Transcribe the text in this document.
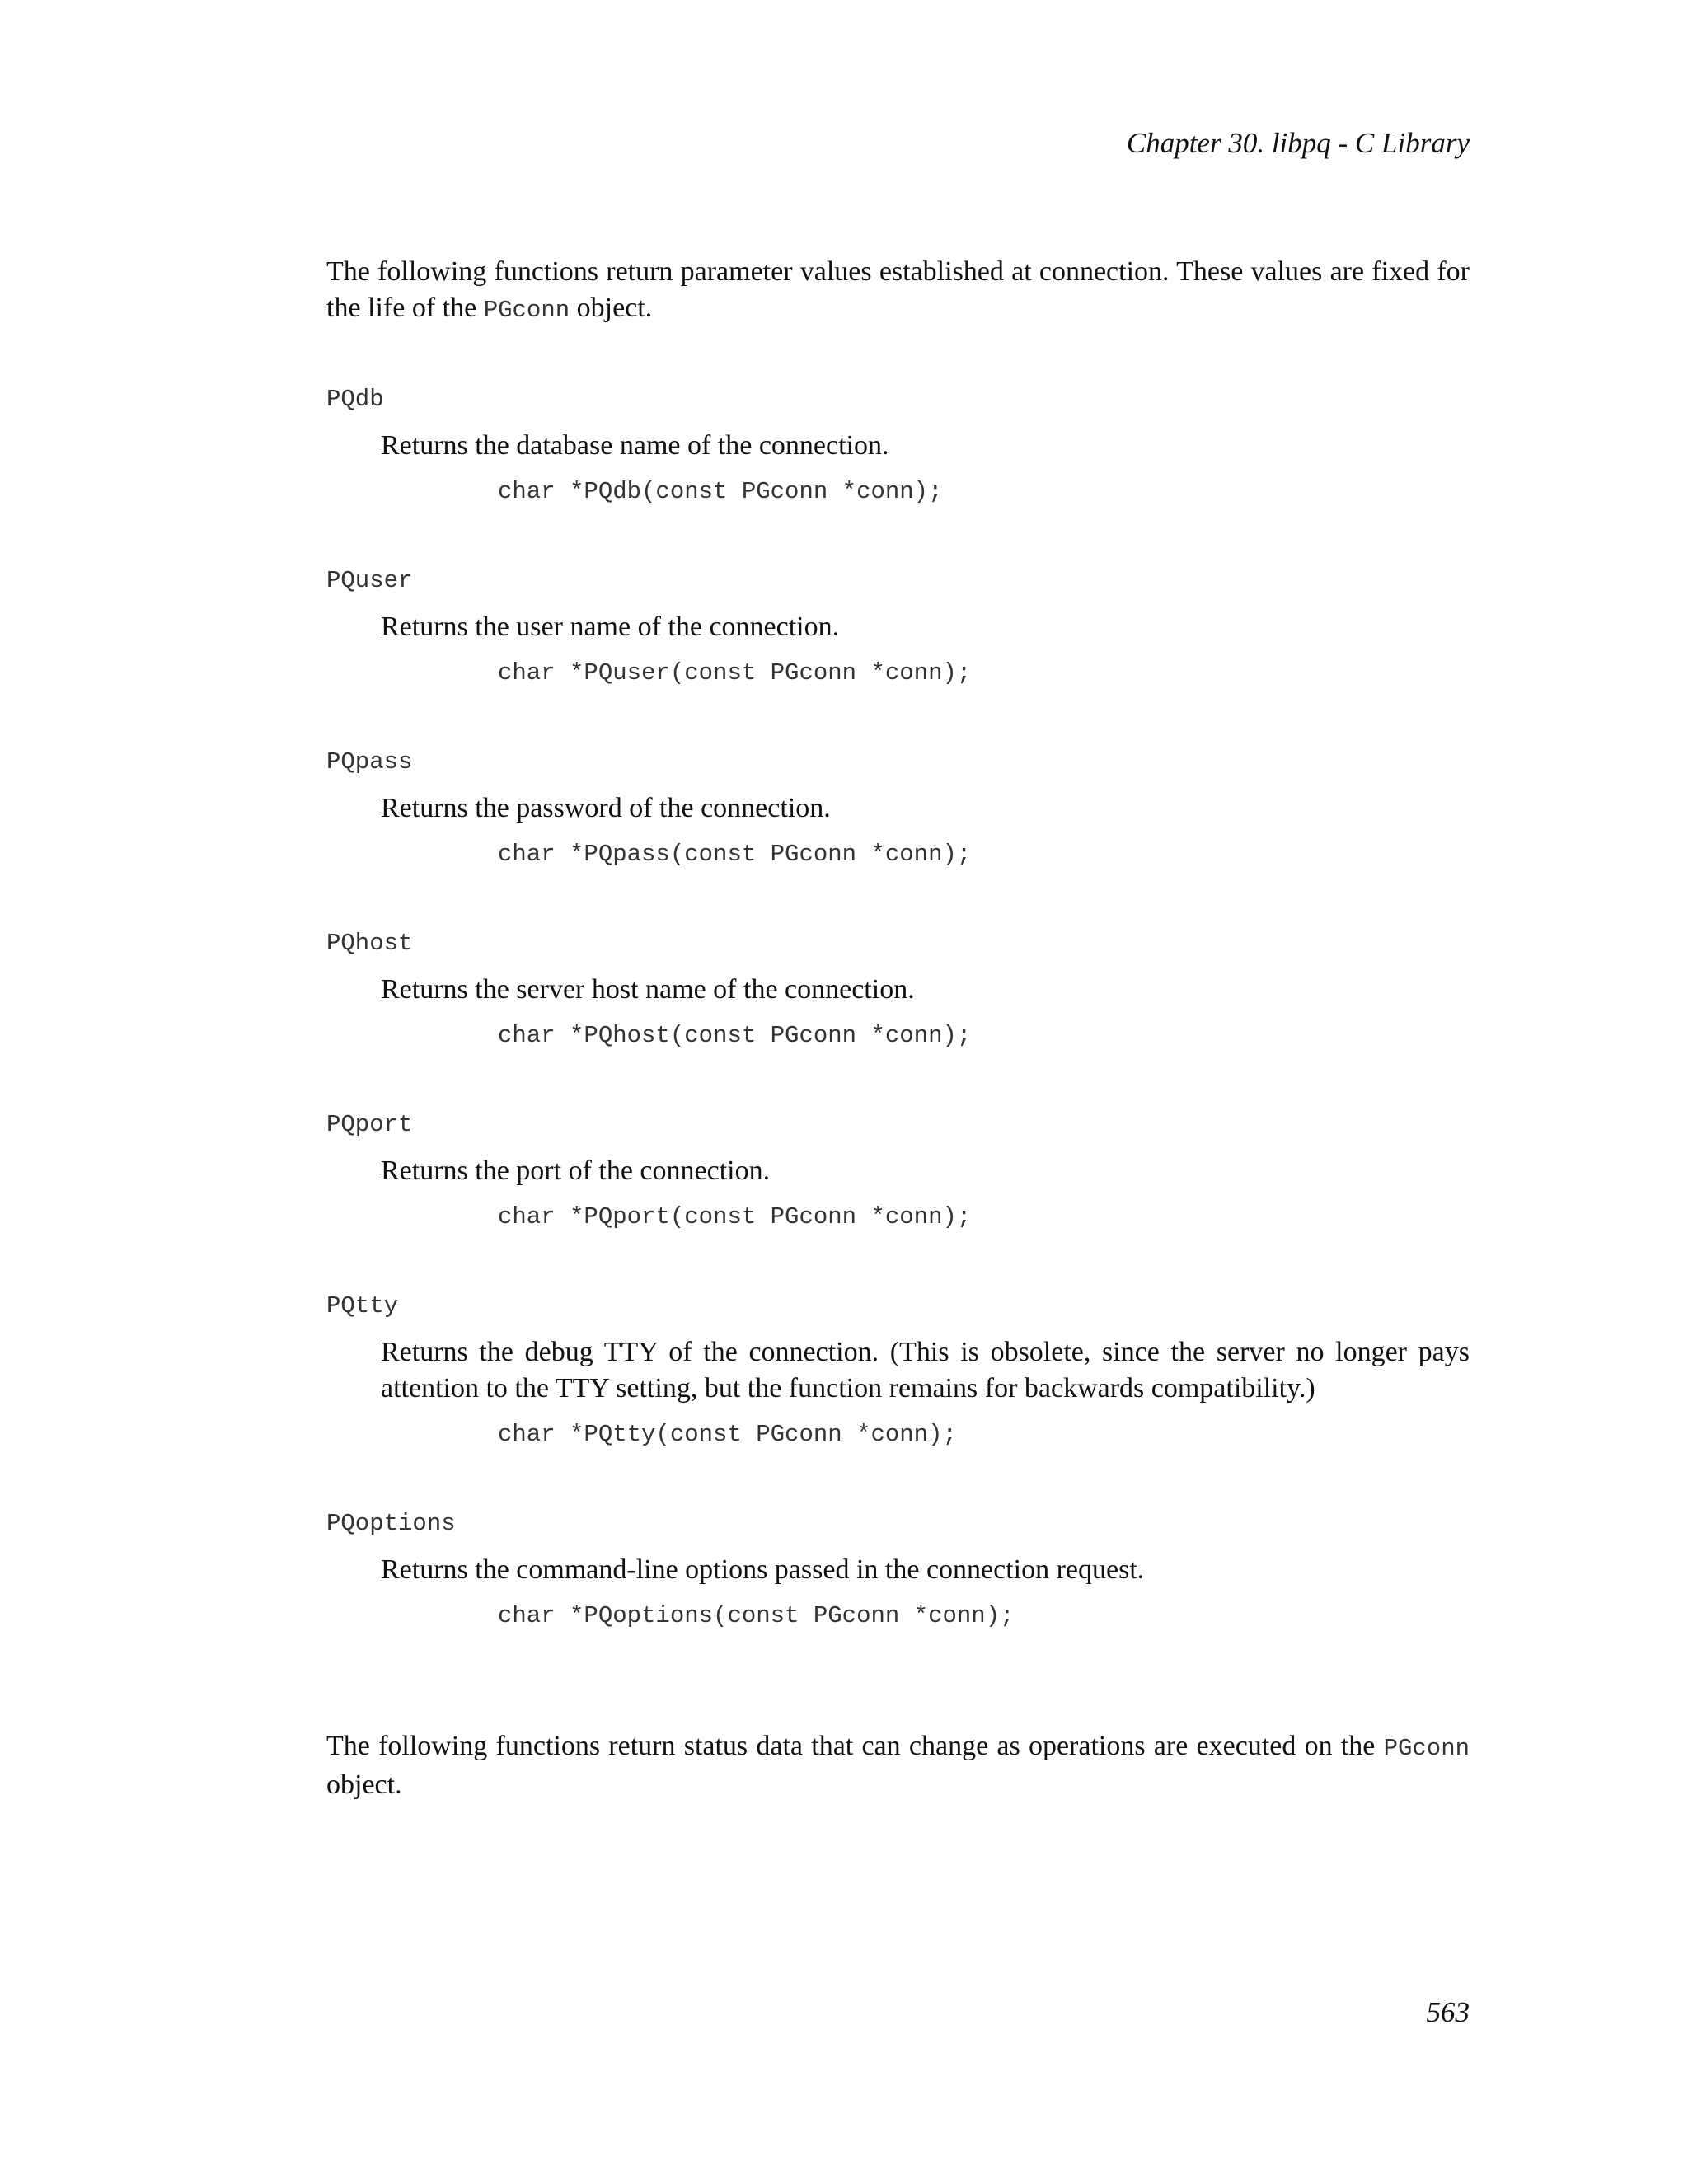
Chapter 30. libpq - C Library

The following functions return parameter values established at connection. These values are fixed for the life of the PGconn object.

PQdb

Returns the database name of the connection.

char *PQdb(const PGconn *conn);
PQuser

Returns the user name of the connection.

char *PQuser(const PGconn *conn);
PQpass

Returns the password of the connection.

char *PQpass(const PGconn *conn);
PQhost

Returns the server host name of the connection.

char *PQhost(const PGconn *conn);
PQport

Returns the port of the connection.

char *PQport(const PGconn *conn);
PQtty

Returns the debug TTY of the connection. (This is obsolete, since the server no longer pays attention to the TTY setting, but the function remains for backwards compatibility.)

char *PQtty(const PGconn *conn);
PQoptions

Returns the command-line options passed in the connection request.

char *PQoptions(const PGconn *conn);

The following functions return status data that can change as operations are executed on the PGconn object.

563
